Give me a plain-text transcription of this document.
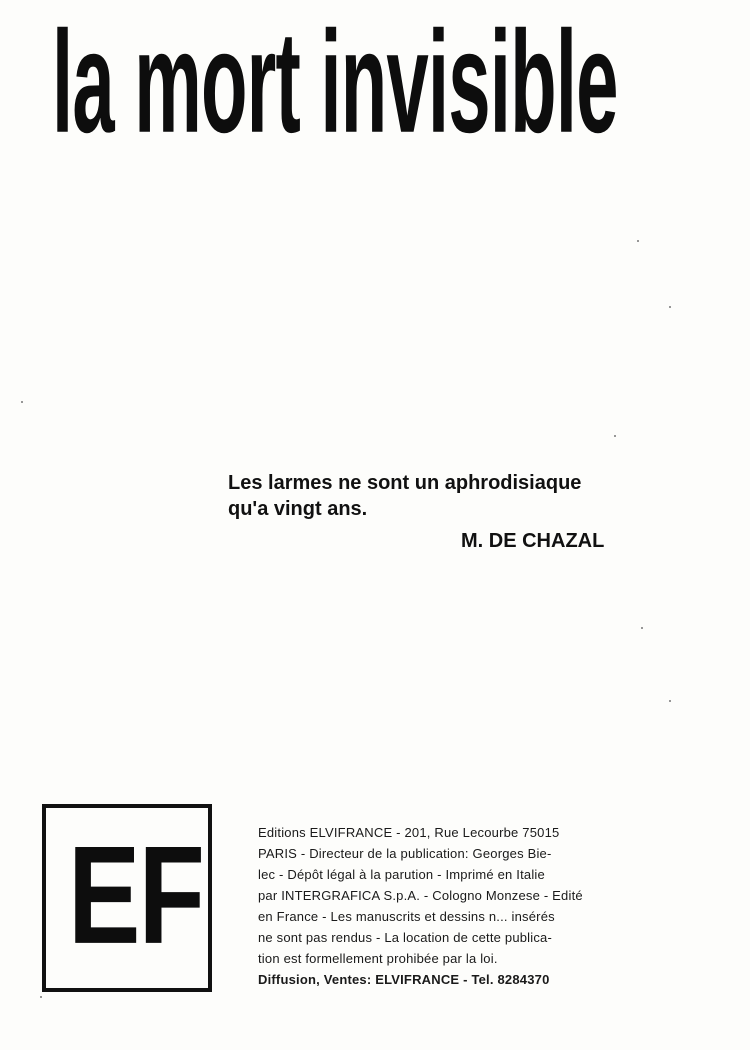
la mort invisible
Les larmes ne sont un aphrodisiaque
qu'a vingt ans.
M. DE CHAZAL
EF	Editions ELVIFRANCE - 201, Rue Lecourbe 75015
PARIS - Directeur de la publication: Georges Bie-
lec - Dépôt légal à la parution - Imprimé en Italie
par INTERGRAFICA S.p.A. - Cologno Monzese - Edité
en France - Les manuscrits et dessins n... insérés
ne sont pas rendus - La location de cette publica-
tion est formellement prohibée par la loi.
Diffusion, Ventes: ELVIFRANCE - Tel. 8284370
